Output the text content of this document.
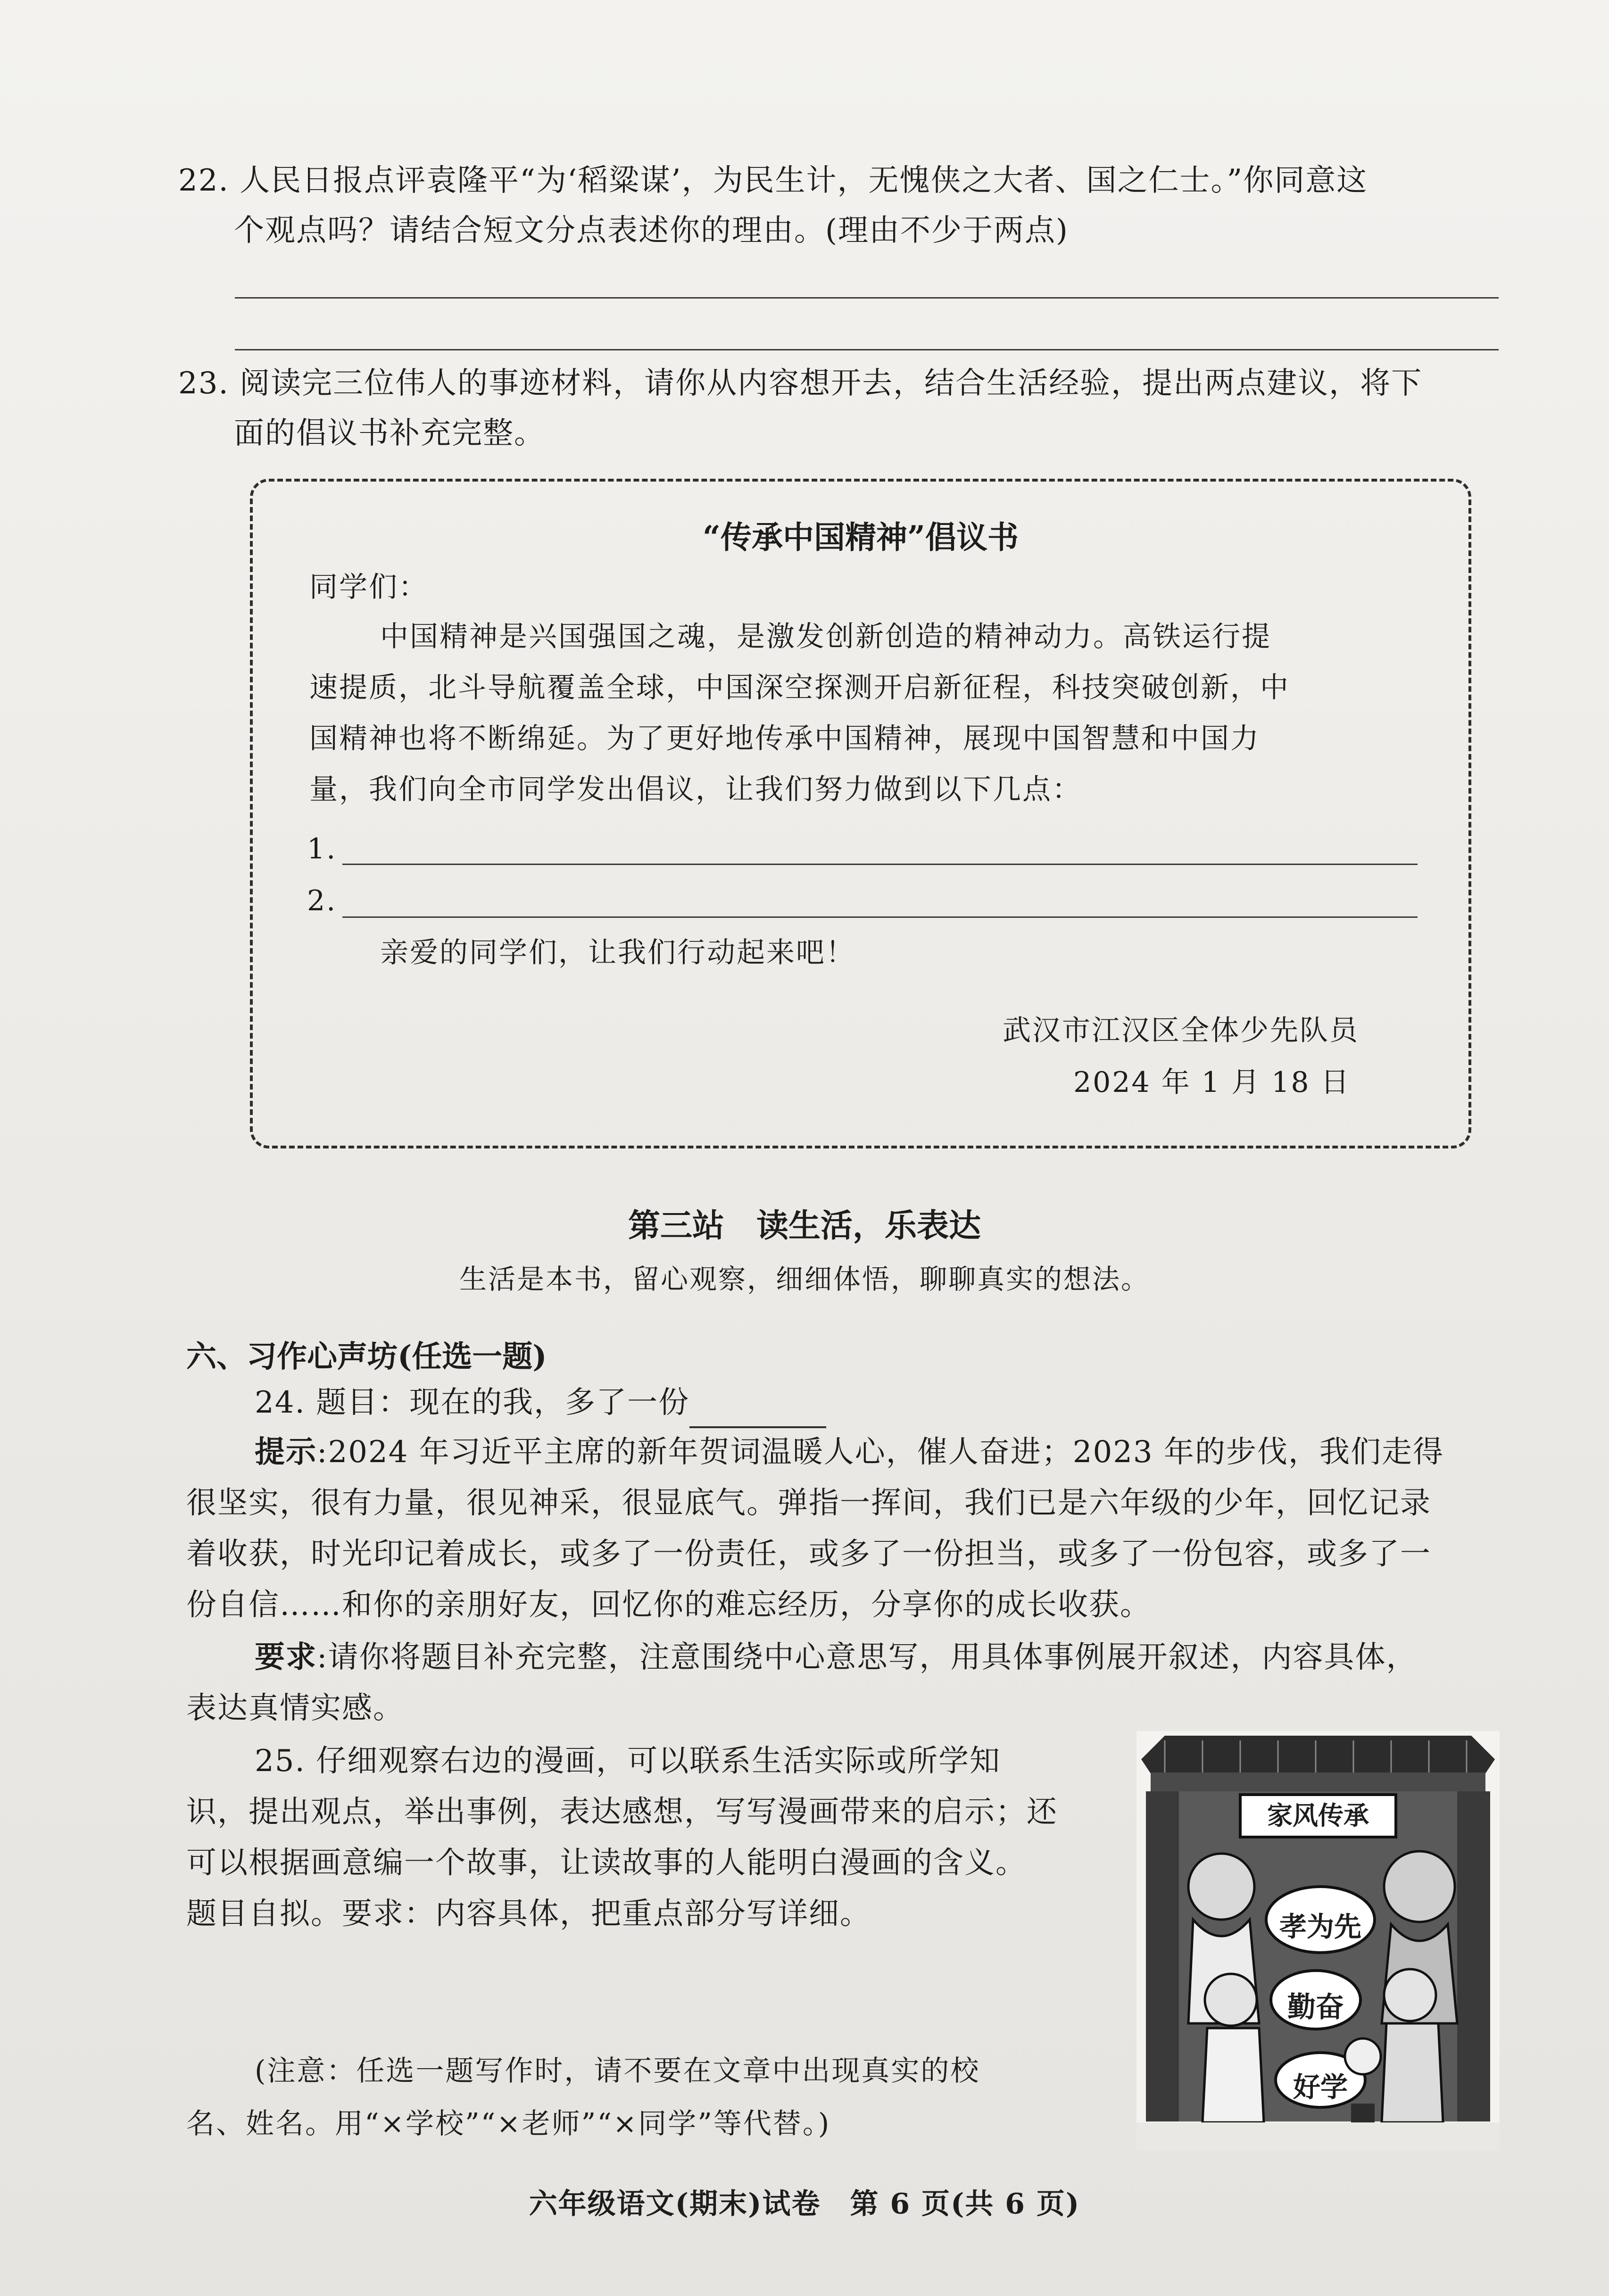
22. 人民日报点评袁隆平“为‘稻粱谋’，为民生计，无愧侠之大者、国之仁士。”你同意这
个观点吗？请结合短文分点表述你的理由。(理由不少于两点)
23. 阅读完三位伟人的事迹材料，请你从内容想开去，结合生活经验，提出两点建议，将下
面的倡议书补充完整。
“传承中国精神”倡议书
同学们：
中国精神是兴国强国之魂，是激发创新创造的精神动力。高铁运行提
速提质，北斗导航覆盖全球，中国深空探测开启新征程，科技突破创新，中
国精神也将不断绵延。为了更好地传承中国精神，展现中国智慧和中国力
量，我们向全市同学发出倡议，让我们努力做到以下几点：
1.
2.
亲爱的同学们，让我们行动起来吧！
武汉市江汉区全体少先队员
2024 年 1 月 18 日
第三站　读生活，乐表达
生活是本书，留心观察，细细体悟，聊聊真实的想法。
六、习作心声坊(任选一题)
24. 题目：现在的我，多了一份
提示:2024 年习近平主席的新年贺词温暖人心，催人奋进；2023 年的步伐，我们走得
很坚实，很有力量，很见神采，很显底气。弹指一挥间，我们已是六年级的少年，回忆记录
着收获，时光印记着成长，或多了一份责任，或多了一份担当，或多了一份包容，或多了一
份自信……和你的亲朋好友，回忆你的难忘经历，分享你的成长收获。
要求:请你将题目补充完整，注意围绕中心意思写，用具体事例展开叙述，内容具体，
表达真情实感。
25. 仔细观察右边的漫画，可以联系生活实际或所学知
识，提出观点，举出事例，表达感想，写写漫画带来的启示；还
可以根据画意编一个故事，让读故事的人能明白漫画的含义。
题目自拟。要求：内容具体，把重点部分写详细。
(注意：任选一题写作时，请不要在文章中出现真实的校
名、姓名。用“×学校”“×老师”“×同学”等代替。)
家风传承
孝为先
勤奋
好学
六年级语文(期末)试卷　第 6 页(共 6 页)
